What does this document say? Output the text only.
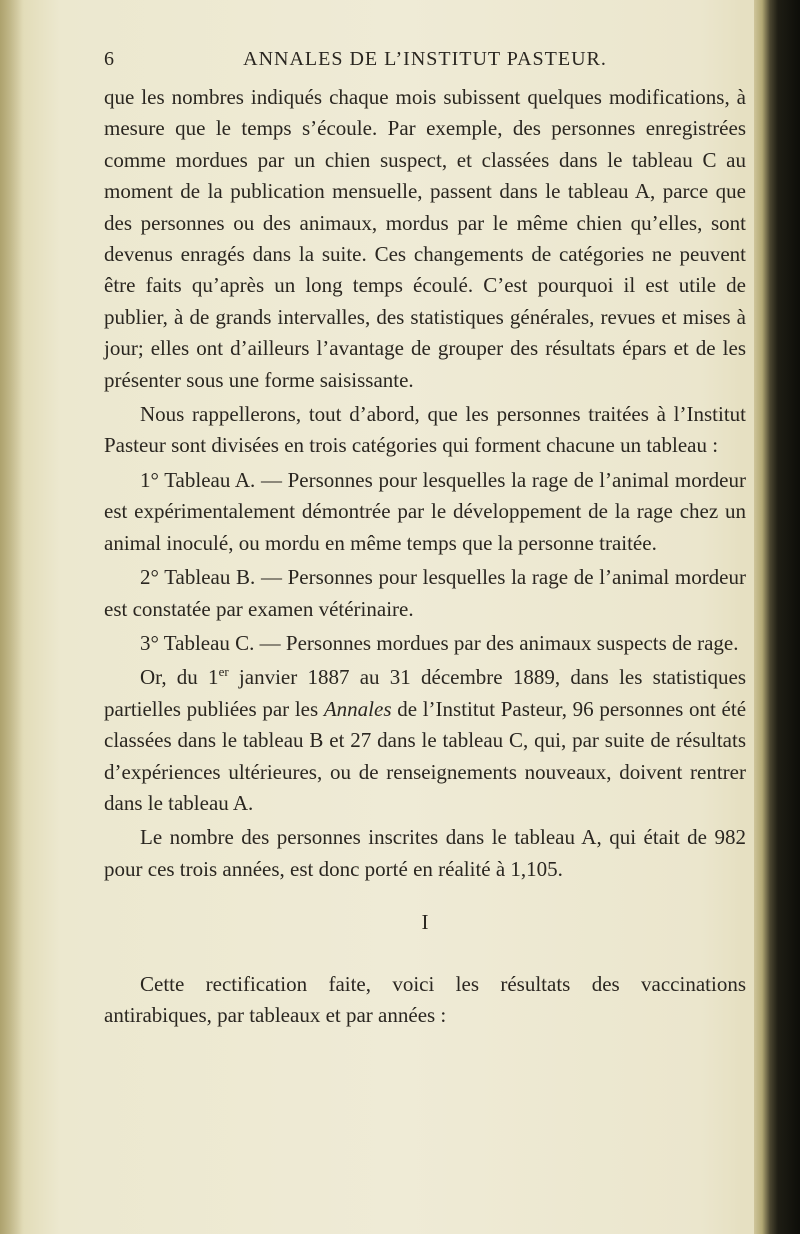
6	ANNALES DE L’INSTITUT PASTEUR.

que les nombres indiqués chaque mois subissent quelques modifications, à mesure que le temps s’écoule. Par exemple, des personnes enregistrées comme mordues par un chien suspect, et classées dans le tableau C au moment de la publication mensuelle, passent dans le tableau A, parce que des personnes ou des animaux, mordus par le même chien qu’elles, sont devenus enragés dans la suite. Ces changements de catégories ne peuvent être faits qu’après un long temps écoulé. C’est pourquoi il est utile de publier, à de grands intervalles, des statistiques générales, revues et mises à jour; elles ont d’ailleurs l’avantage de grouper des résultats épars et de les présenter sous une forme saisissante.

Nous rappellerons, tout d’abord, que les personnes traitées à l’Institut Pasteur sont divisées en trois catégories qui forment chacune un tableau :

1° Tableau A. — Personnes pour lesquelles la rage de l’animal mordeur est expérimentalement démontrée par le développement de la rage chez un animal inoculé, ou mordu en même temps que la personne traitée.

2° Tableau B. — Personnes pour lesquelles la rage de l’animal mordeur est constatée par examen vétérinaire.

3° Tableau C. — Personnes mordues par des animaux suspects de rage.

Or, du 1er janvier 1887 au 31 décembre 1889, dans les statistiques partielles publiées par les Annales de l’Institut Pasteur, 96 personnes ont été classées dans le tableau B et 27 dans le tableau C, qui, par suite de résultats d’expériences ultérieures, ou de renseignements nouveaux, doivent rentrer dans le tableau A.

Le nombre des personnes inscrites dans le tableau A, qui était de 982 pour ces trois années, est donc porté en réalité à 1,105.

I

Cette rectification faite, voici les résultats des vaccinations antirabiques, par tableaux et par années :
